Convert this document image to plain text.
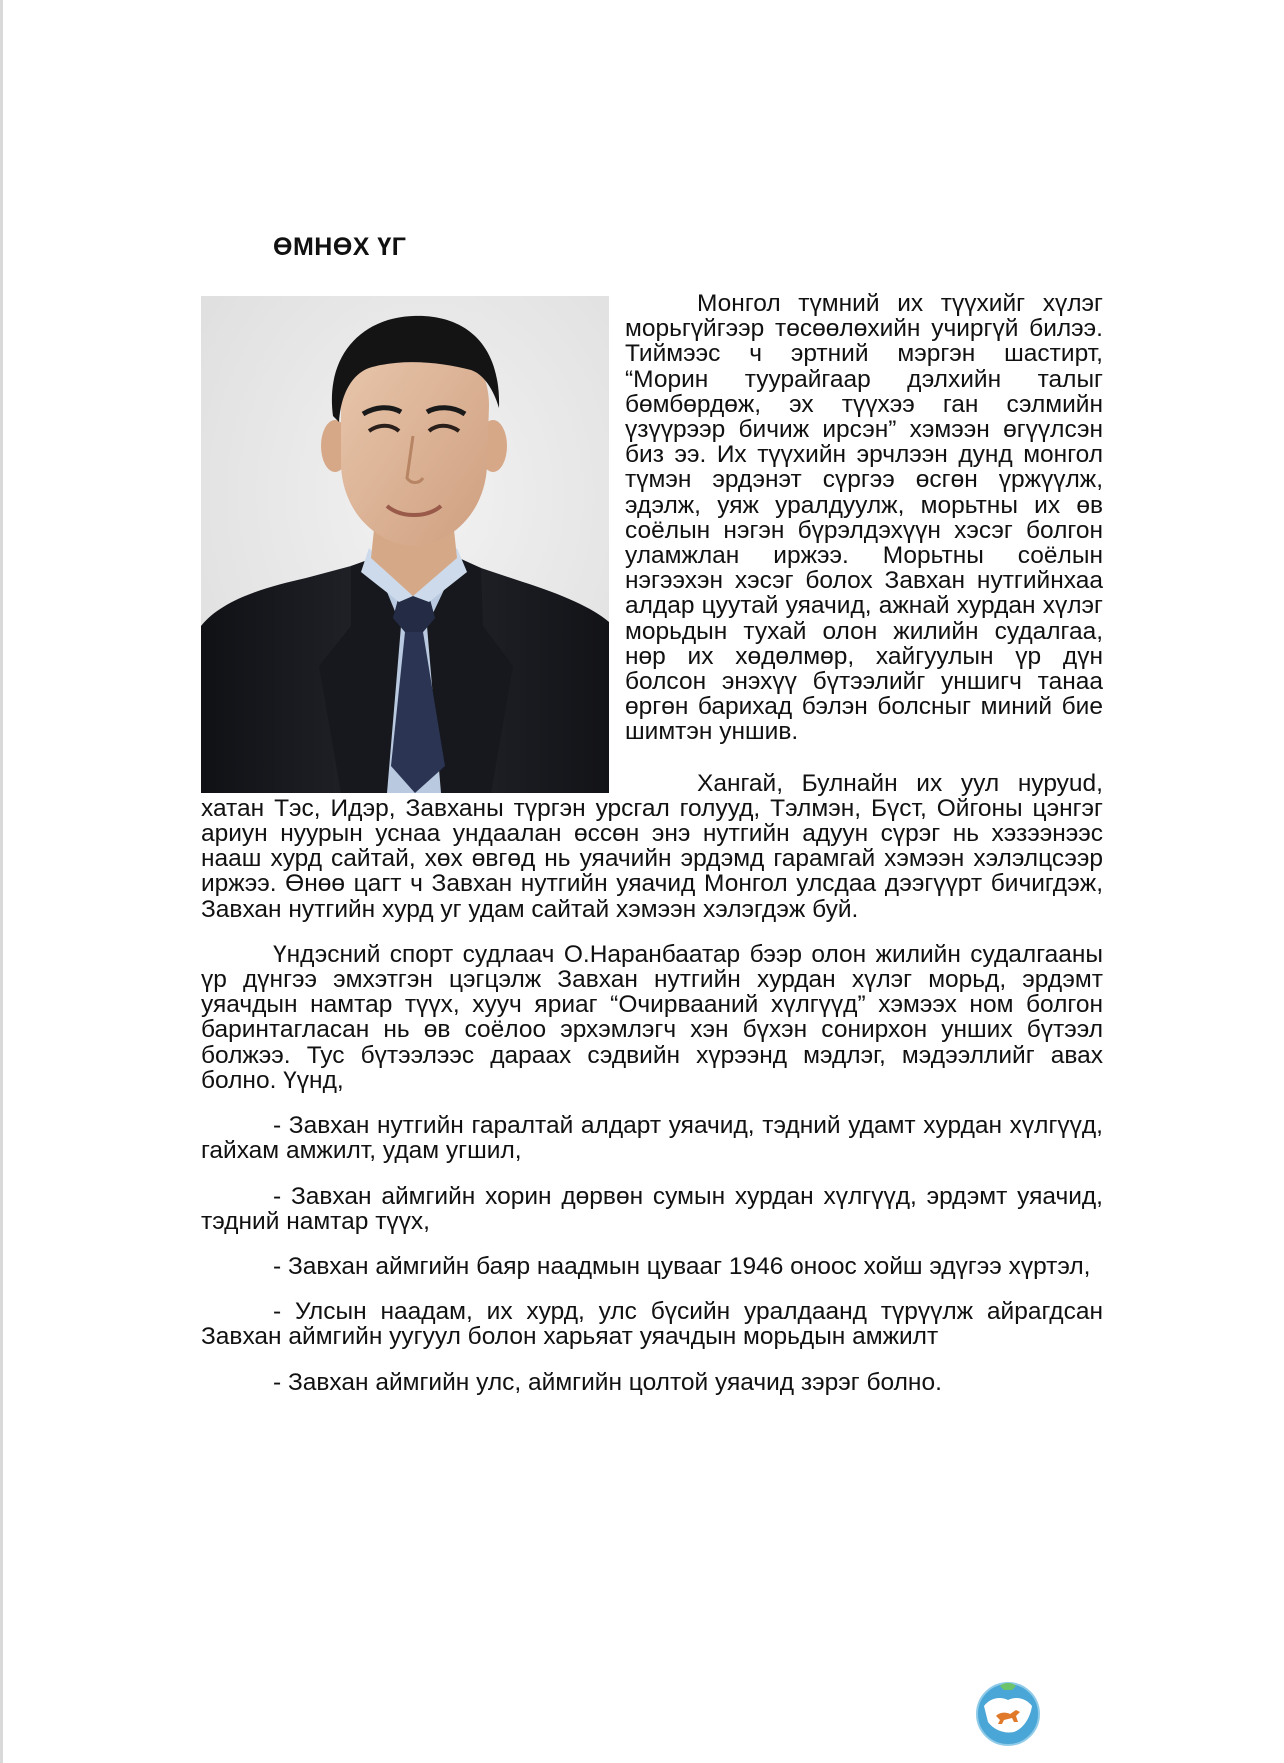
ӨМНӨХ ҮГ

Монгол түмний их түүхийг хүлэг морьгүйгээр төсөөлөхийн учиргүй билээ. Тиймээс ч эртний мэргэн шастирт, “Морин туурайгаар дэлхийн талыг бөмбөрдөж, эх түүхээ ган сэлмийн үзүүрээр бичиж ирсэн” хэмээн өгүүлсэн биз ээ. Их түүхийн эрчлээн дунд монгол түмэн эрдэнэт сүргээ өсгөн үржүүлж, эдэлж, уяж уралдуулж, морьтны их өв соёлын нэгэн бүрэлдэхүүн хэсэг болгон уламжлан иржээ. Морьтны соёлын нэгээхэн хэсэг болох Завхан нутгийнхаа алдар цуутай уяачид, ажнай хурдан хүлэг морьдын тухай олон жилийн судалгаа, нөр их хөдөлмөр, хайгуулын үр дүн болсон энэхүү бүтээлийг уншигч танаа өргөн барихад бэлэн болсныг миний бие шимтэн уншив.

Хангай, Булнайн их уул нуруud, хатан Тэс, Идэр, Завханы түргэн урсгал голууд, Тэлмэн, Бүст, Ойгоны цэнгэг ариун нуурын уснаа ундаалан өссөн энэ нутгийн адуун сүрэг нь хэзээнээс нааш хурд сайтай, хөх өвгөд нь уяачийн эрдэмд гарамгай хэмээн хэлэлцсээр иржээ. Өнөө цагт ч Завхан нутгийн уяачид Монгол улсдаа дээгүүрт бичигдэж, Завхан нутгийн хурд уг удам сайтай хэмээн хэлэгдэж буй.

Үндэсний спорт судлаач О.Наранбаатар бээр олон жилийн судалгааны үр дүнгээ эмхэтгэн цэгцэлж Завхан нутгийн хурдан хүлэг морьд, эрдэмт уяачдын намтар түүх, хууч яриаг “Очирвааний хүлгүүд” хэмээх ном болгон баринтагласан нь өв соёлоо эрхэмлэгч хэн бүхэн сонирхон унших бүтээл болжээ. Тус бүтээлээс дараах сэдвийн хүрээнд мэдлэг, мэдээллийг авах болно. Үүнд,

- Завхан нутгийн гаралтай алдарт уяачид, тэдний удамт хурдан хүлгүүд, гайхам амжилт, удам угшил,

- Завхан аймгийн хорин дөрвөн сумын хурдан хүлгүүд, эрдэмт уяачид, тэдний намтар түүх,

- Завхан аймгийн баяр наадмын цувааг 1946 оноос хойш эдүгээ хүртэл,

- Улсын наадам, их хурд, улс бүсийн уралдаанд түрүүлж айрагдсан Завхан аймгийн уугуул болон харьяат уяачдын морьдын амжилт

- Завхан аймгийн улс, аймгийн цолтой уяачид зэрэг болно.
